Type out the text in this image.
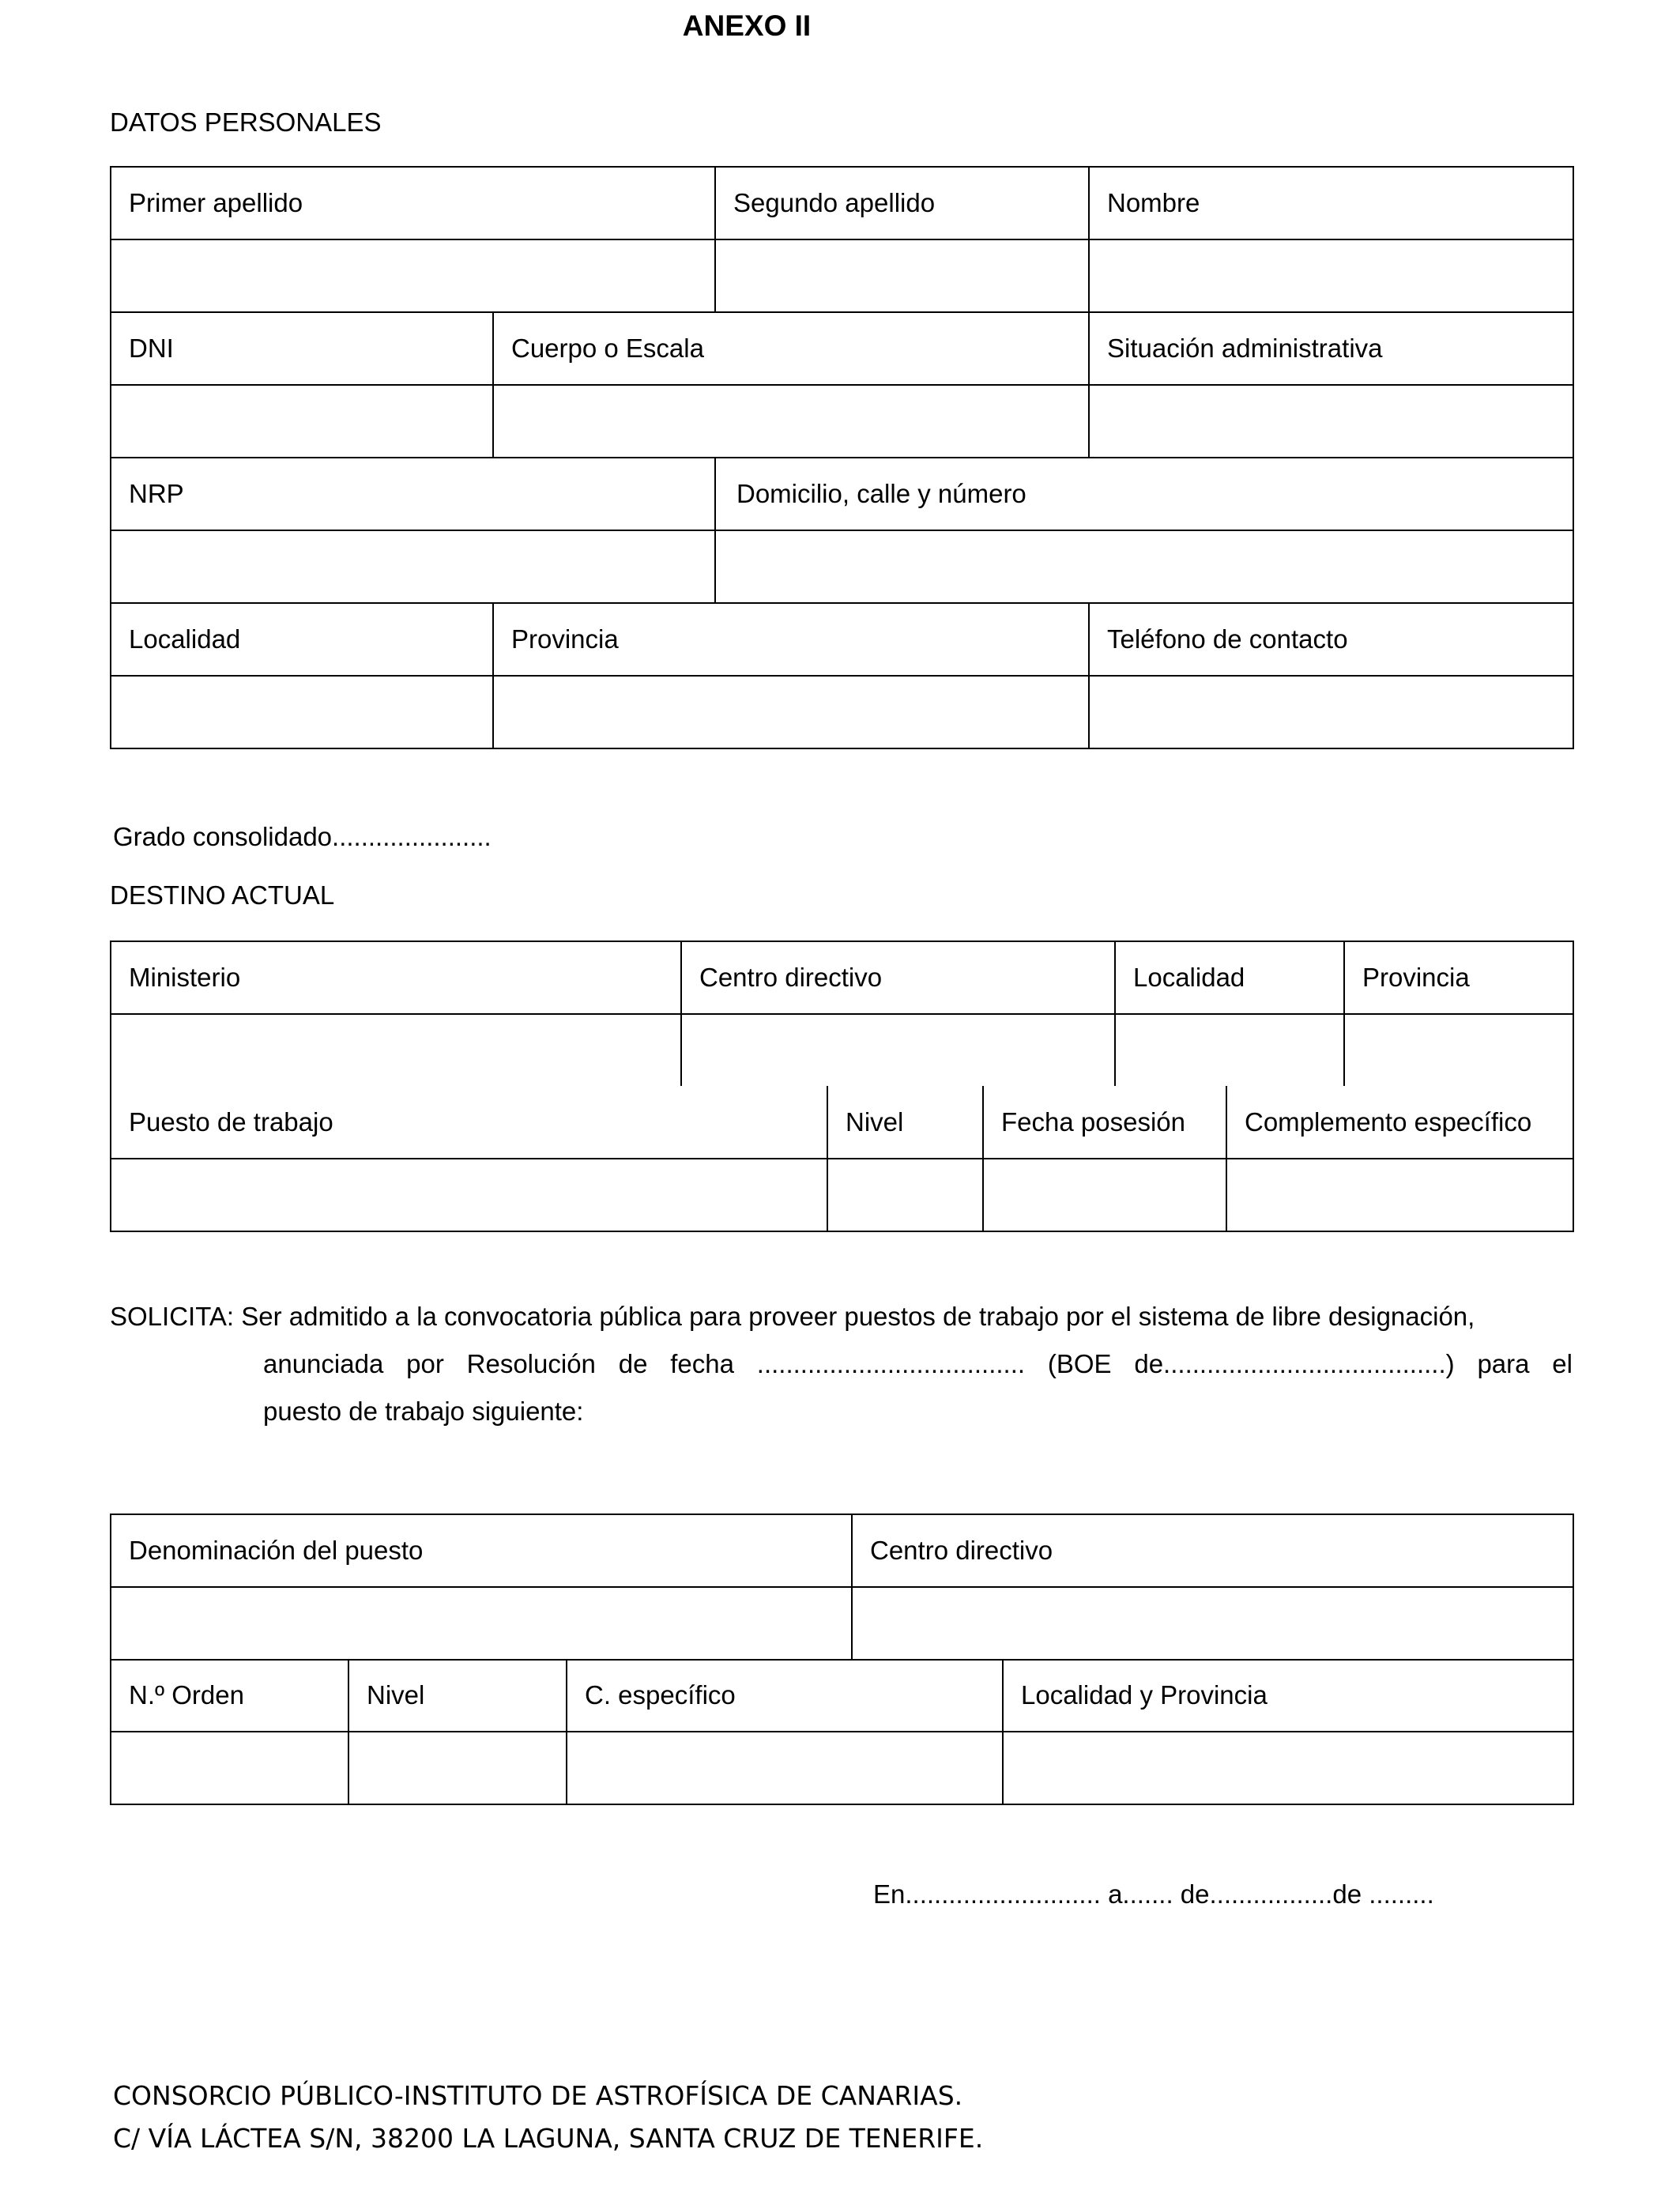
ANEXO II
DATOS PERSONALES
Primer apellido		Segundo apellido	Nombre

DNI	Cuerpo o Escala		Situación administrativa

NRP		Domicilio, calle y número	

Localidad	Provincia		Teléfono de contacto

Grado consolidado......................
DESTINO ACTUAL
Ministerio	Centro directivo	Localidad	Provincia

Puesto de trabajo	Nivel	Fecha posesión	Complemento específico

SOLICITA: Ser admitido a la convocatoria pública para proveer puestos de trabajo por el sistema de libre designación,
anunciada por Resolución de fecha ..................................... (BOE de.......................................) para el
puesto de trabajo siguiente:
Denominación del puesto	Centro directivo

N.º Orden	Nivel	C. específico	Localidad y Provincia

En........................... a....... de.................de .........
CONSORCIO PÚBLICO-INSTITUTO DE ASTROFÍSICA DE CANARIAS.
C/ VÍA LÁCTEA S/N, 38200 LA LAGUNA, SANTA CRUZ DE TENERIFE.
